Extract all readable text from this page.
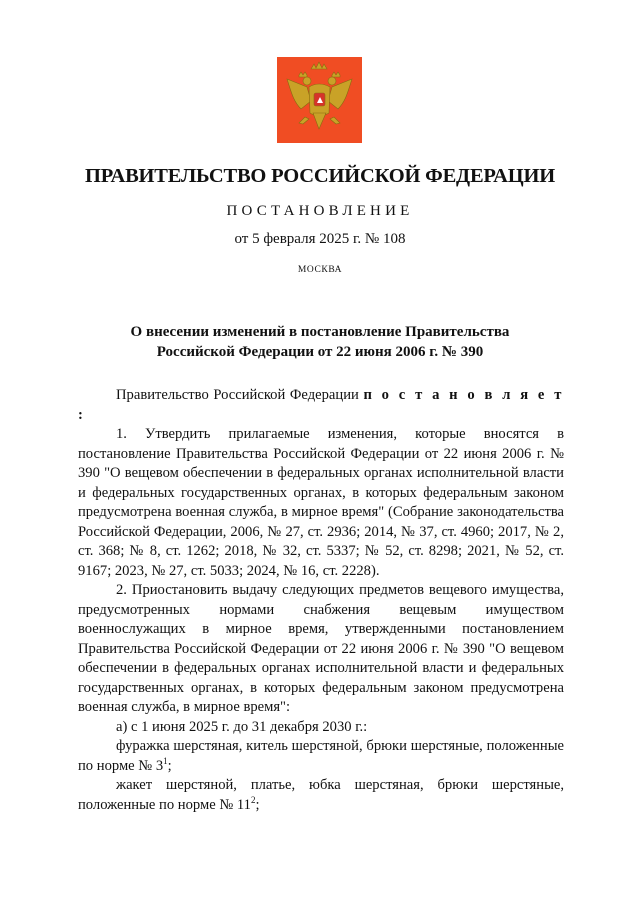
ПРАВИТЕЛЬСТВО РОССИЙСКОЙ ФЕДЕРАЦИИ
ПОСТАНОВЛЕНИЕ
от 5 февраля 2025 г. № 108
МОСКВА
О внесении изменений в постановление Правительства
Российской Федерации от 22 июня 2006 г. № 390

Правительство Российской Федерации п о с т а н о в л я е т :

1. Утвердить прилагаемые изменения, которые вносятся в постановление Правительства Российской Федерации от 22 июня 2006 г. № 390 "О вещевом обеспечении в федеральных органах исполнительной власти и федеральных государственных органах, в которых федеральным законом предусмотрена военная служба, в мирное время" (Собрание законодательства Российской Федерации, 2006, № 27, ст. 2936; 2014, № 37, ст. 4960; 2017, № 2, ст. 368; № 8, ст. 1262; 2018, № 32, ст. 5337; № 52, ст. 8298; 2021, № 52, ст. 9167; 2023, № 27, ст. 5033; 2024, № 16, ст. 2228).

2. Приостановить выдачу следующих предметов вещевого имущества, предусмотренных нормами снабжения вещевым имуществом военнослужащих в мирное время, утвержденными постановлением Правительства Российской Федерации от 22 июня 2006 г. № 390 "О вещевом обеспечении в федеральных органах исполнительной власти и федеральных государственных органах, в которых федеральным законом предусмотрена военная служба, в мирное время":

а) с 1 июня 2025 г. до 31 декабря 2030 г.:

фуражка шерстяная, китель шерстяной, брюки шерстяные, положенные по норме № $3^1$;

жакет шерстяной, платье, юбка шерстяная, брюки шерстяные, положенные по норме № $11^2$;
